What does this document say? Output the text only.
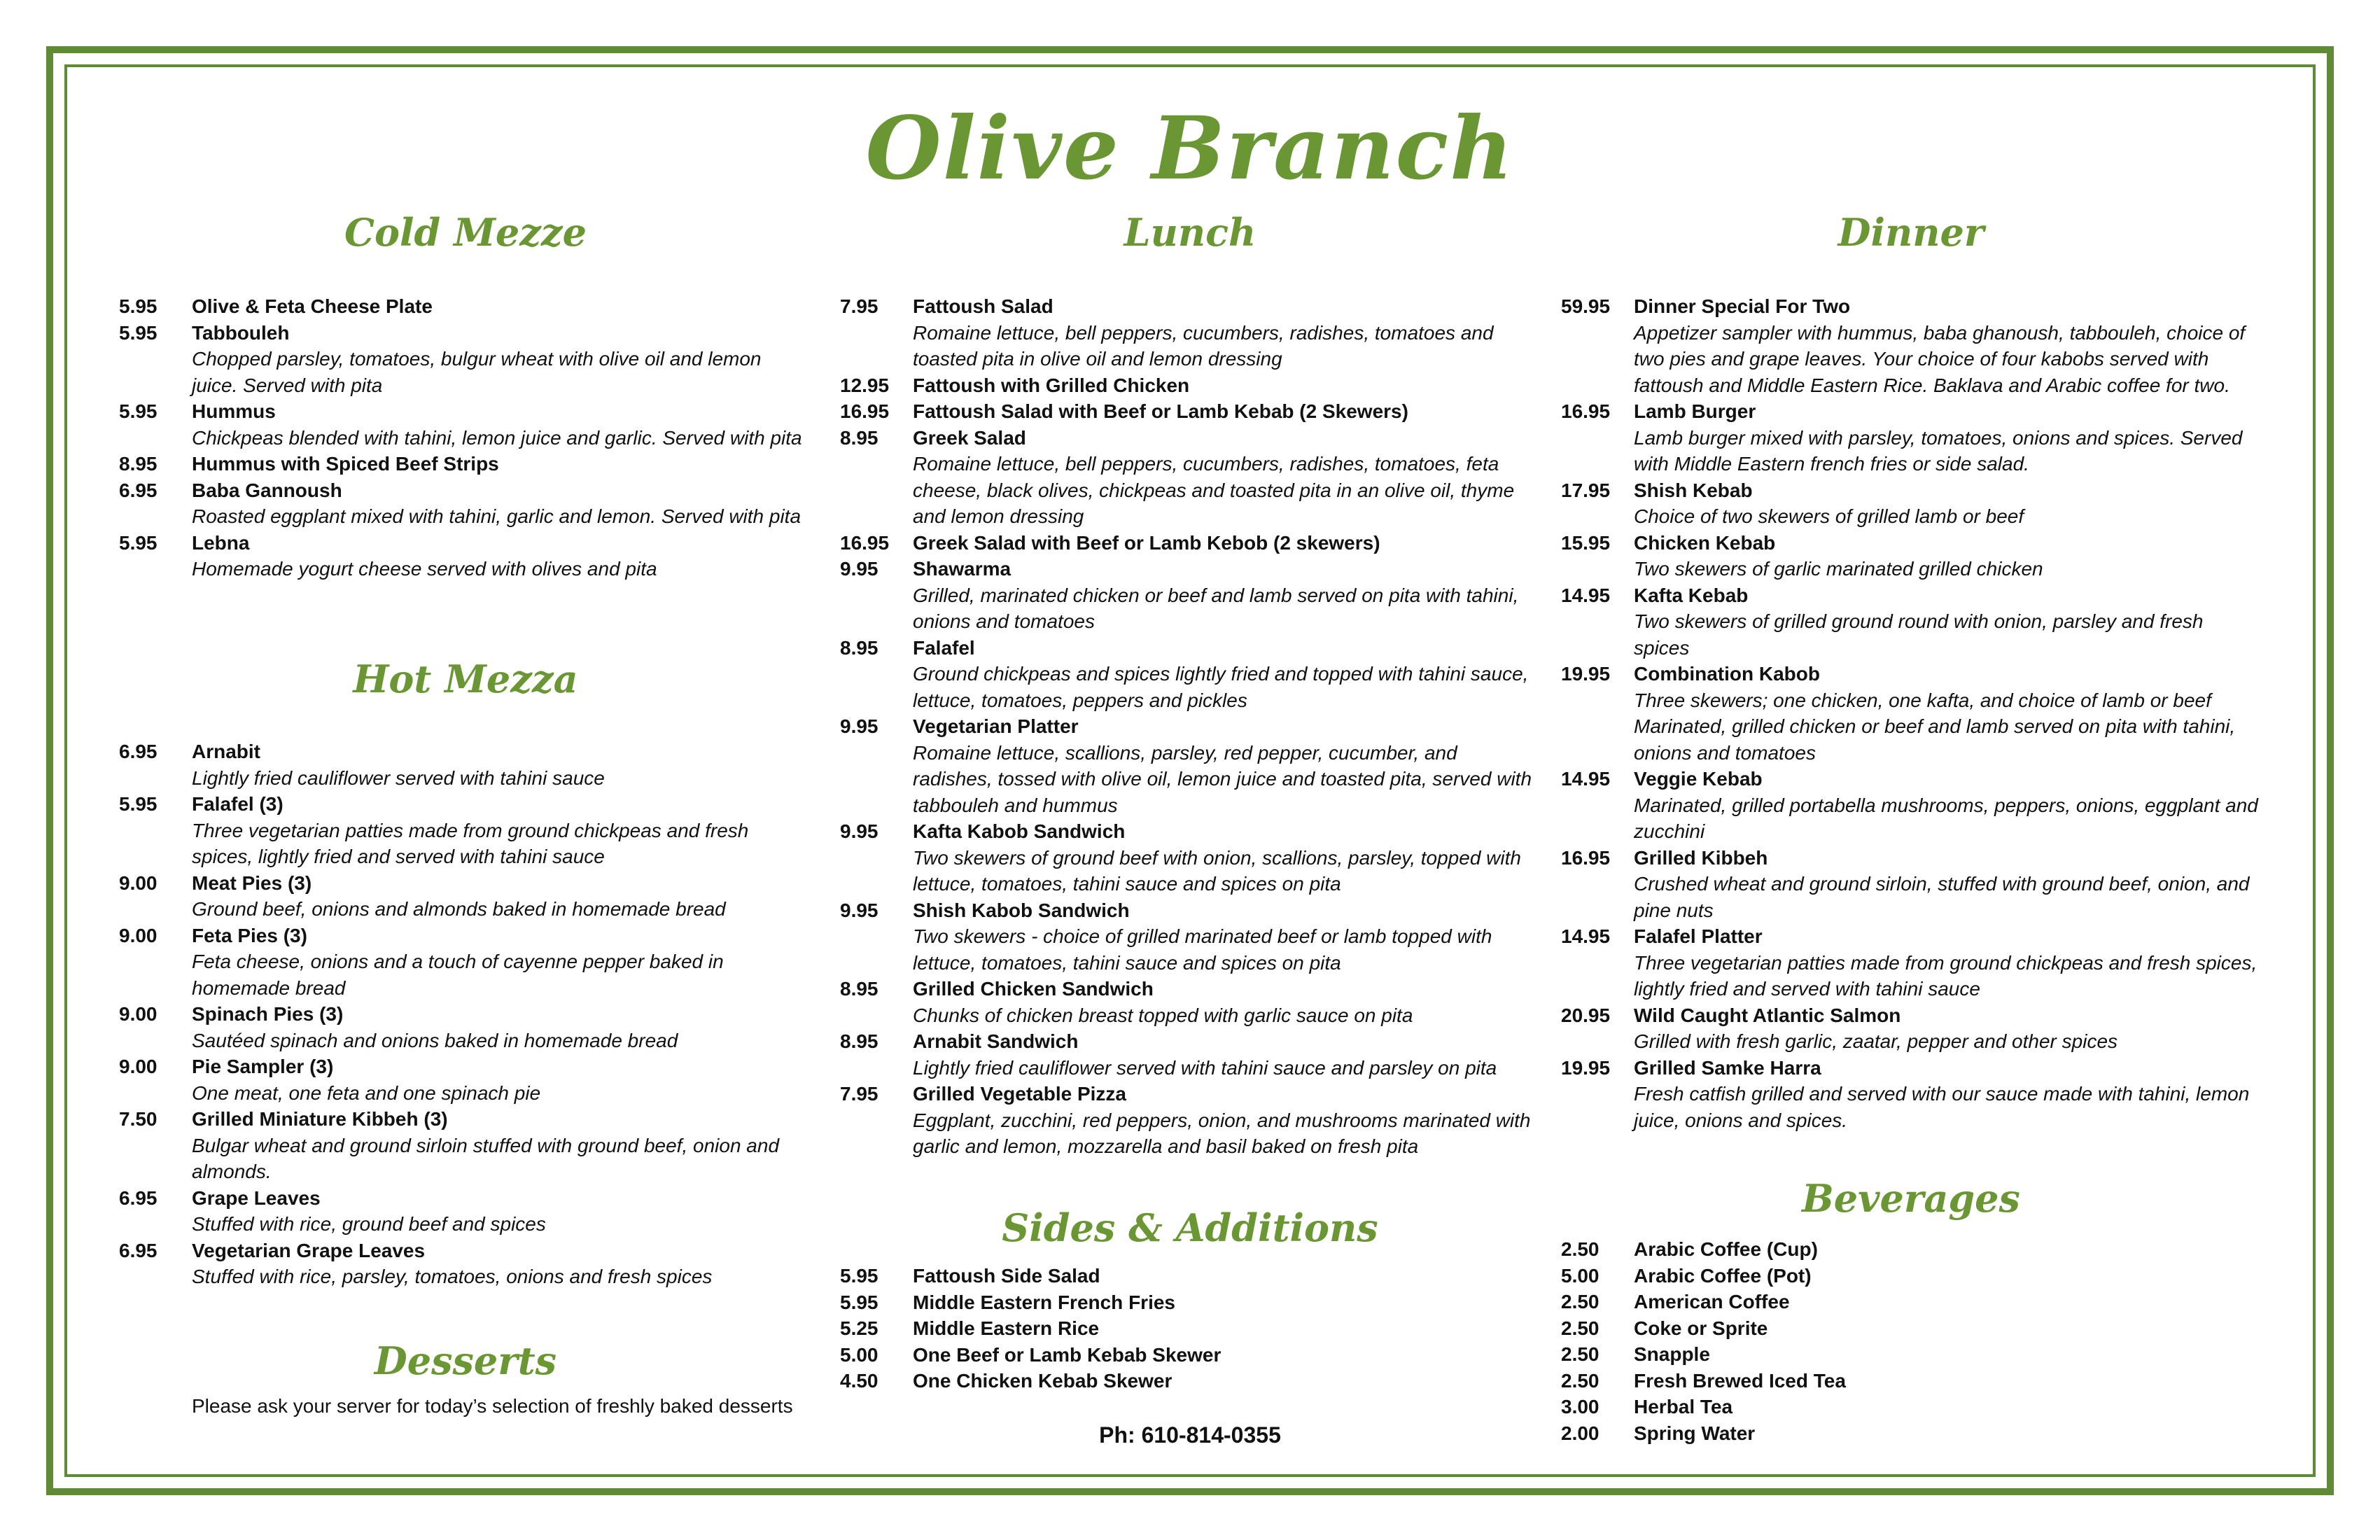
Olive Branch
Cold Mezze
5.95 Olive & Feta Cheese Plate
5.95 Tabbouleh
Chopped parsley, tomatoes, bulgur wheat with olive oil and lemon juice. Served with pita
5.95 Hummus
Chickpeas blended with tahini, lemon juice and garlic. Served with pita
8.95 Hummus with Spiced Beef Strips
6.95 Baba Gannoush
Roasted eggplant mixed with tahini, garlic and lemon. Served with pita
5.95 Lebna
Homemade yogurt cheese served with olives and pita
Hot Mezza
6.95 Arnabit
Lightly fried cauliflower served with tahini sauce
5.95 Falafel (3)
Three vegetarian patties made from ground chickpeas and fresh spices, lightly fried and served with tahini sauce
9.00 Meat Pies (3)
Ground beef, onions and almonds baked in homemade bread
9.00 Feta Pies (3)
Feta cheese, onions and a touch of cayenne pepper baked in homemade bread
9.00 Spinach Pies (3)
Sautéed spinach and onions baked in homemade bread
9.00 Pie Sampler (3)
One meat, one feta and one spinach pie
7.50 Grilled Miniature Kibbeh (3)
Bulgar wheat and ground sirloin stuffed with ground beef, onion and almonds.
6.95 Grape Leaves
Stuffed with rice, ground beef and spices
6.95 Vegetarian Grape Leaves
Stuffed with rice, parsley, tomatoes, onions and fresh spices
Desserts
Please ask your server for today’s selection of freshly baked desserts
Lunch
7.95 Fattoush Salad
Romaine lettuce, bell peppers, cucumbers, radishes, tomatoes and toasted pita in olive oil and lemon dressing
12.95 Fattoush with Grilled Chicken
16.95 Fattoush Salad with Beef or Lamb Kebab (2 Skewers)
8.95 Greek Salad
Romaine lettuce, bell peppers, cucumbers, radishes, tomatoes, feta cheese, black olives, chickpeas and toasted pita in an olive oil, thyme and lemon dressing
16.95 Greek Salad with Beef or Lamb Kebob (2 skewers)
9.95 Shawarma
Grilled, marinated chicken or beef and lamb served on pita with tahini, onions and tomatoes
8.95 Falafel
Ground chickpeas and spices lightly fried and topped with tahini sauce, lettuce, tomatoes, peppers and pickles
9.95 Vegetarian Platter
Romaine lettuce, scallions, parsley, red pepper, cucumber, and radishes, tossed with olive oil, lemon juice and toasted pita, served with tabbouleh and hummus
9.95 Kafta Kabob Sandwich
Two skewers of ground beef with onion, scallions, parsley, topped with lettuce, tomatoes, tahini sauce and spices on pita
9.95 Shish Kabob Sandwich
Two skewers - choice of grilled marinated beef or lamb topped with lettuce, tomatoes, tahini sauce and spices on pita
8.95 Grilled Chicken Sandwich
Chunks of chicken breast topped with garlic sauce on pita
8.95 Arnabit Sandwich
Lightly fried cauliflower served with tahini sauce and parsley on pita
7.95 Grilled Vegetable Pizza
Eggplant, zucchini, red peppers, onion, and mushrooms marinated with garlic and lemon, mozzarella and basil baked on fresh pita
Sides & Additions
5.95 Fattoush Side Salad
5.95 Middle Eastern French Fries
5.25 Middle Eastern Rice
5.00 One Beef or Lamb Kebab Skewer
4.50 One Chicken Kebab Skewer
Ph: 610-814-0355
Dinner
59.95 Dinner Special For Two
Appetizer sampler with hummus, baba ghanoush, tabbouleh, choice of two pies and grape leaves. Your choice of four kabobs served with fattoush and Middle Eastern Rice. Baklava and Arabic coffee for two.
16.95 Lamb Burger
Lamb burger mixed with parsley, tomatoes, onions and spices. Served with Middle Eastern french fries or side salad.
17.95 Shish Kebab
Choice of two skewers of grilled lamb or beef
15.95 Chicken Kebab
Two skewers of garlic marinated grilled chicken
14.95 Kafta Kebab
Two skewers of grilled ground round with onion, parsley and fresh spices
19.95 Combination Kabob
Three skewers; one chicken, one kafta, and choice of lamb or beef Marinated, grilled chicken or beef and lamb served on pita with tahini, onions and tomatoes
14.95 Veggie Kebab
Marinated, grilled portabella mushrooms, peppers, onions, eggplant and zucchini
16.95 Grilled Kibbeh
Crushed wheat and ground sirloin, stuffed with ground beef, onion, and pine nuts
14.95 Falafel Platter
Three vegetarian patties made from ground chickpeas and fresh spices, lightly fried and served with tahini sauce
20.95 Wild Caught Atlantic Salmon
Grilled with fresh garlic, zaatar, pepper and other spices
19.95 Grilled Samke Harra
Fresh catfish grilled and served with our sauce made with tahini, lemon juice, onions and spices.
Beverages
2.50 Arabic Coffee (Cup)
5.00 Arabic Coffee (Pot)
2.50 American Coffee
2.50 Coke or Sprite
2.50 Snapple
2.50 Fresh Brewed Iced Tea
3.00 Herbal Tea
2.00 Spring Water
